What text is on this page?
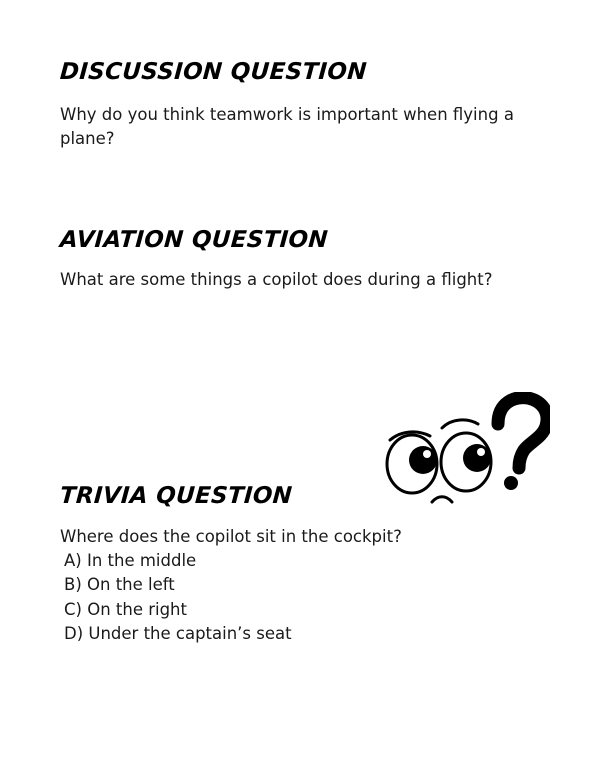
DISCUSSION QUESTION

Why do you think teamwork is important when flying a plane?

AVIATION QUESTION

What are some things a copilot does during a flight?

TRIVIA QUESTION

Where does the copilot sit in the cockpit?

A) In the middle
B) On the left
C) On the right
D) Under the captain’s seat
